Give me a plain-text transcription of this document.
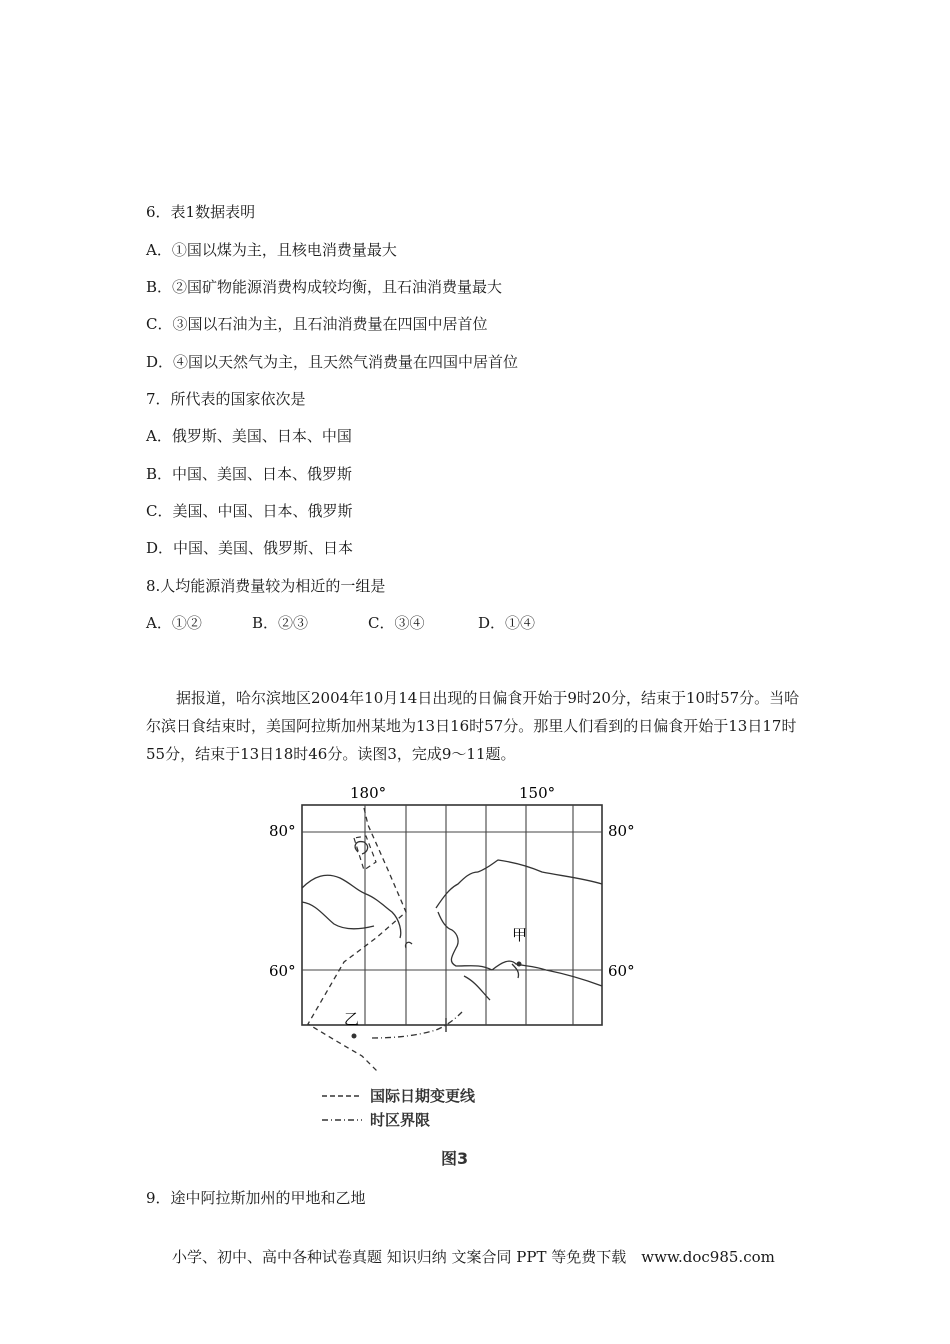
6．表1数据表明
A．①国以煤为主，且核电消费量最大
B．②国矿物能源消费构成较均衡，且石油消费量最大
C．③国以石油为主，且石油消费量在四国中居首位
D．④国以天然气为主，且天然气消费量在四国中居首位
7．所代表的国家依次是
A．俄罗斯、美国、日本、中国
B．中国、美国、日本、俄罗斯
C．美国、中国、日本、俄罗斯
D．中国、美国、俄罗斯、日本
8.人均能源消费量较为相近的一组是
A．①②	B．②③	C．③④	D．①④
据报道，哈尔滨地区2004年10月14日出现的日偏食开始于9时20分，结束于10时57分。当哈尔滨日食结束时，美国阿拉斯加州某地为13日16时57分。那里人们看到的日偏食开始于13日17时55分，结束于13日18时46分。读图3，完成9～11题。
180°	150°
80°	80°
60°	60°
甲
乙
国际日期变更线
时区界限
图3
9．途中阿拉斯加州的甲地和乙地
小学、初中、高中各种试卷真题 知识归纳 文案合同 PPT 等免费下载　www.doc985.com
